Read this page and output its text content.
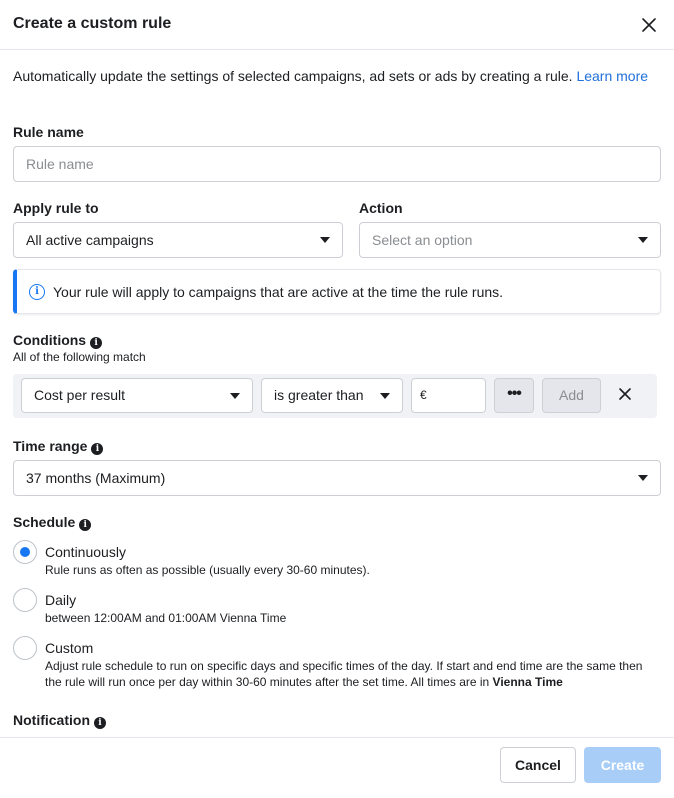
Create a custom rule
Automatically update the settings of selected campaigns, ad sets or ads by creating a rule. Learn more
Rule name
Rule name
Apply rule to
All active campaigns
Action
Select an option
i	Your rule will apply to campaigns that are active at the time the rule runs.
Conditions i
All of the following match
Cost per result	is greater than	€	•••	Add
Time range i
37 months (Maximum)
Schedule i
Continuously
Rule runs as often as possible (usually every 30-60 minutes).
Daily
between 12:00AM and 01:00AM Vienna Time
Custom
Adjust rule schedule to run on specific days and specific times of the day. If start and end time are the same then the rule will run once per day within 30-60 minutes after the set time. All times are in Vienna Time
Notification i
Cancel	Create
